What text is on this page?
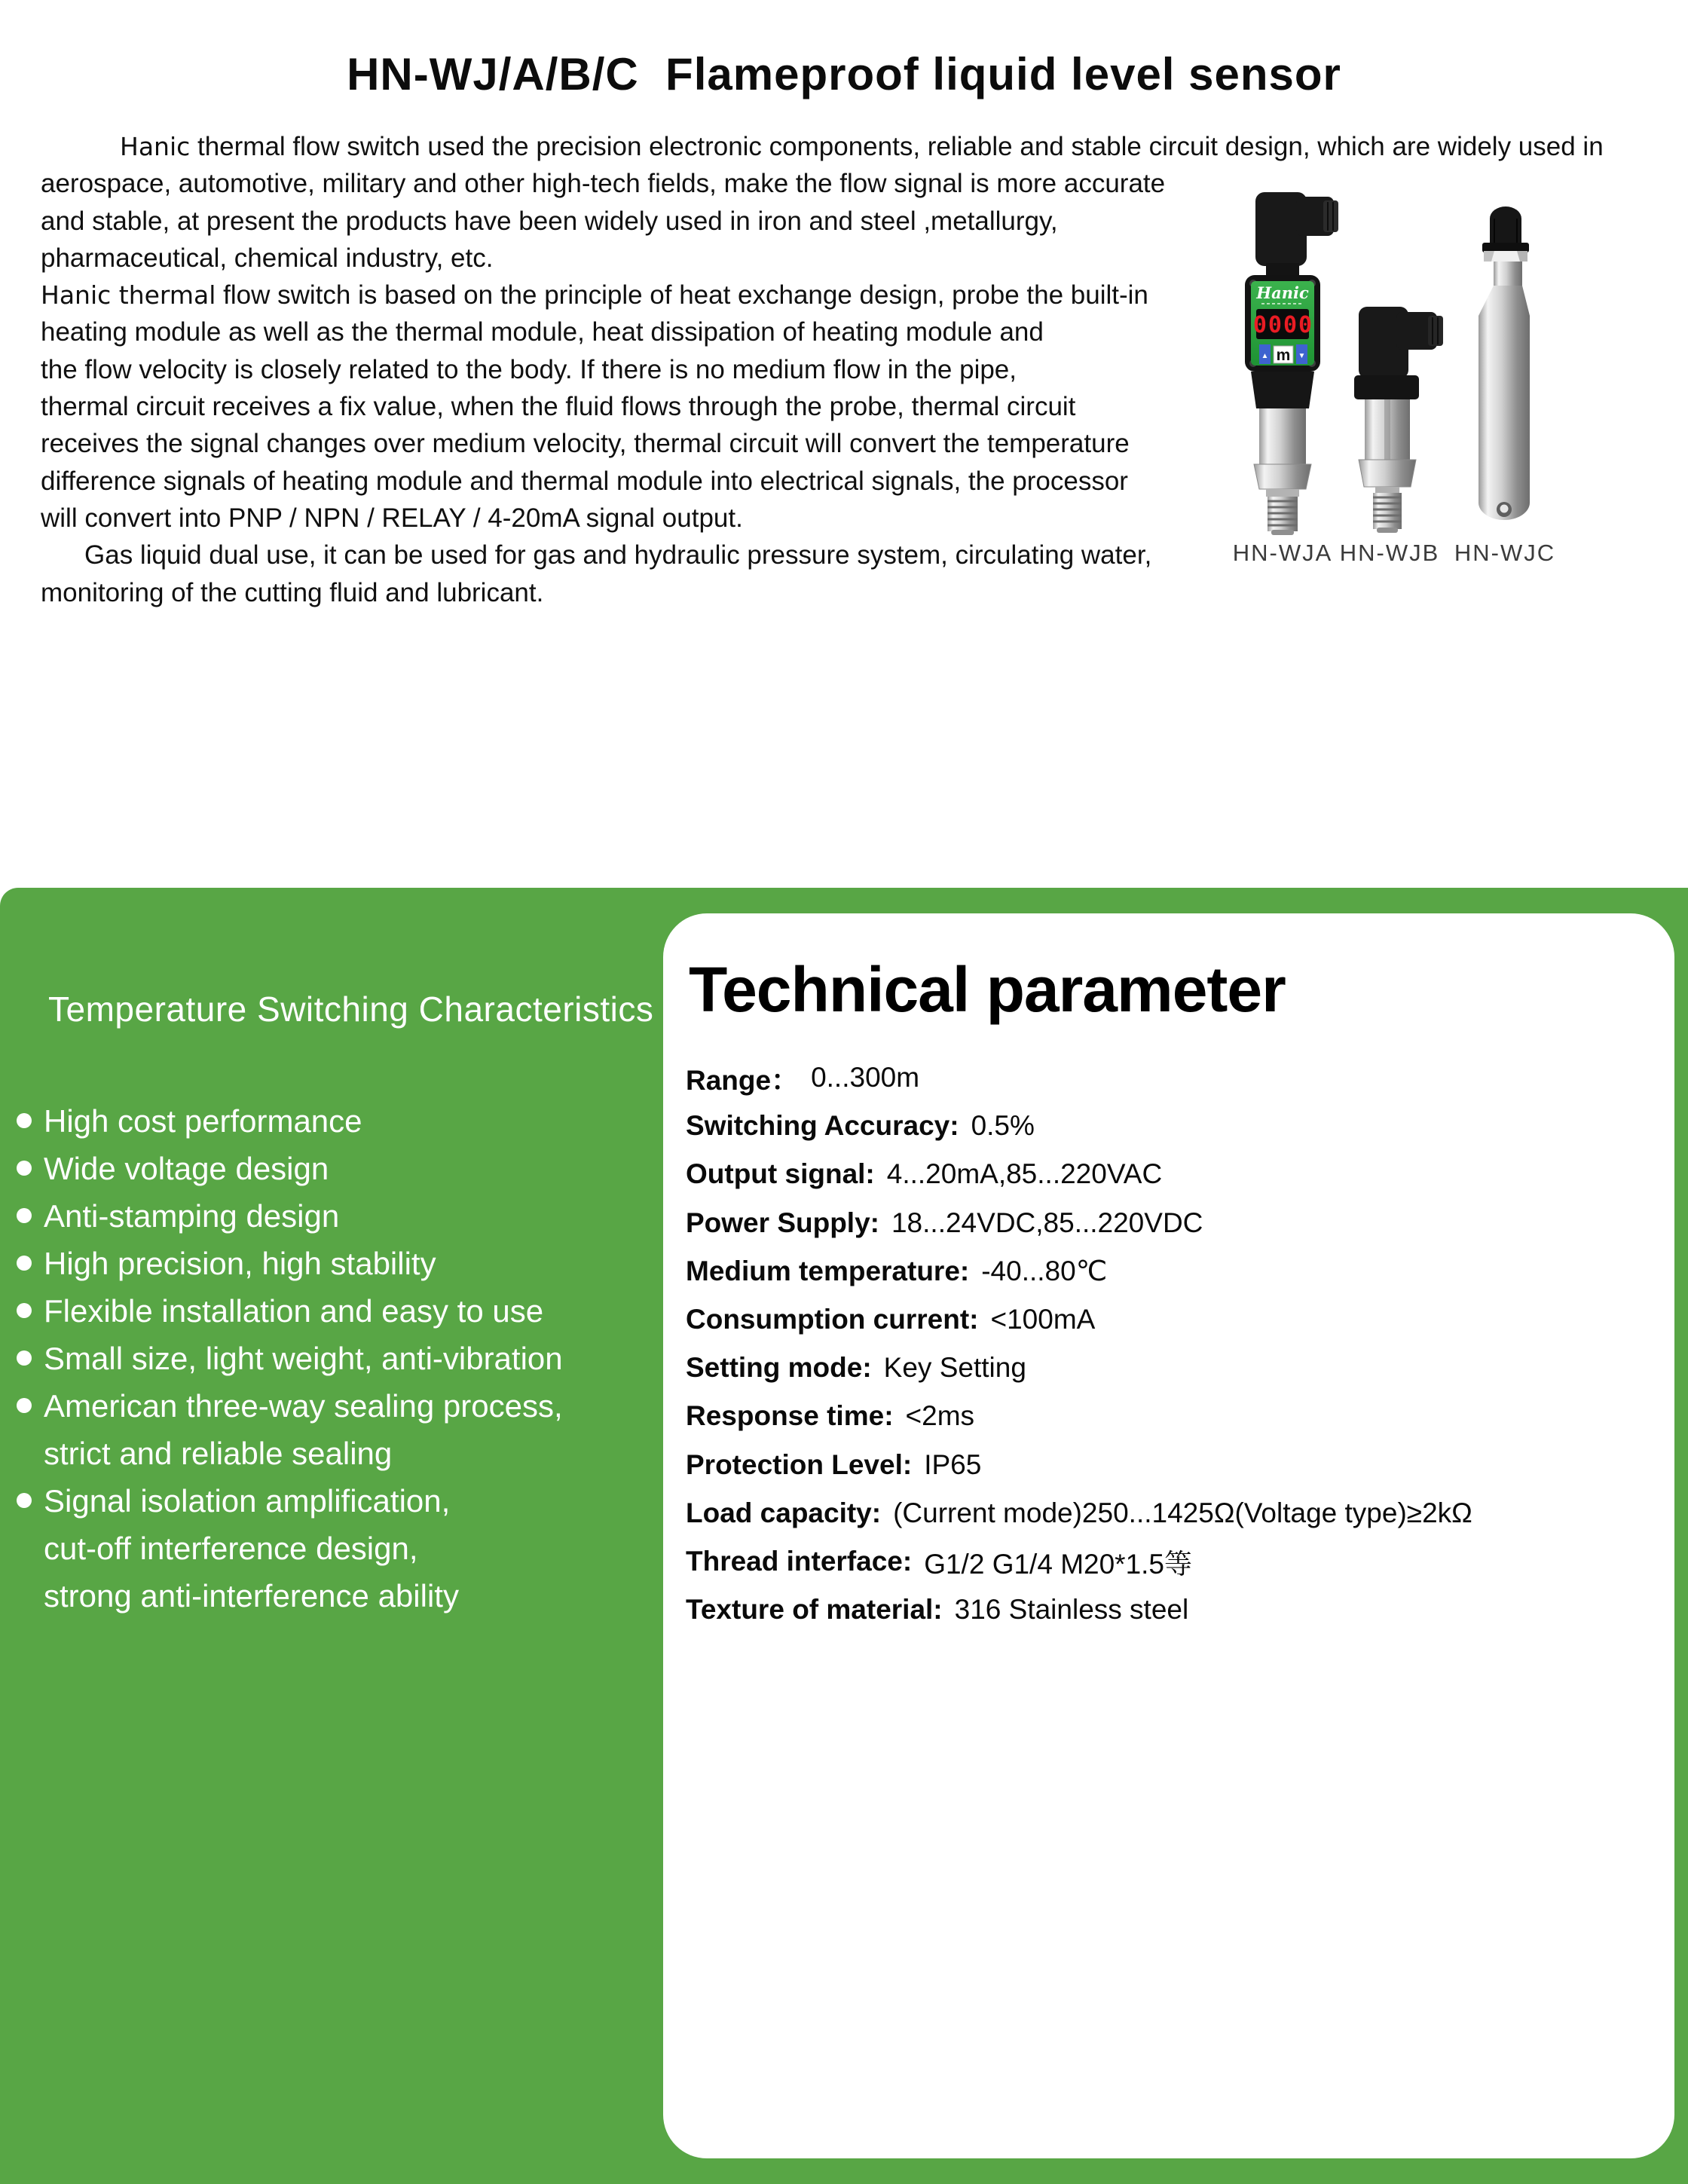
HN-WJ/A/B/C  Flameproof liquid level sensor
Hanic thermal flow switch used the precision electronic components, reliable and stable circuit design, which are widely used in
aerospace, automotive, military and other high-tech fields, make the flow signal is more accurate
and stable, at present the products have been widely used in iron and steel ,metallurgy,
pharmaceutical, chemical industry, etc.
Hanic thermal flow switch is based on the principle of heat exchange design, probe the built-in
heating module as well as the thermal module, heat dissipation of heating module and
the flow velocity is closely related to the body. If there is no medium flow in the pipe,
thermal circuit receives a fix value, when the fluid flows through the probe, thermal circuit
receives the signal changes over medium velocity, thermal circuit will convert the temperature
difference signals of heating module and thermal module into electrical signals, the processor
will convert into PNP / NPN / RELAY / 4-20mA signal output.
Gas liquid dual use, it can be used for gas and hydraulic pressure system, circulating water,
monitoring of the cutting fluid and lubricant.
Hanic
0000
▲ m ▼
HN-WJA HN-WJB HN-WJC
Temperature Switching Characteristics
High cost performance
Wide voltage design
Anti-stamping design
High precision, high stability
Flexible installation and easy to use
Small size, light weight, anti-vibration
American three-way sealing process,
strict and reliable sealing
Signal isolation amplification,
cut-off interference design,
strong anti-interference ability
Technical parameter
Range： 0...300m
Switching Accuracy: 0.5%
Output signal: 4...20mA,85...220VAC
Power Supply: 18...24VDC,85...220VDC
Medium temperature: -40...80℃
Consumption current: <100mA
Setting mode: Key Setting
Response time: <2ms
Protection Level: IP65
Load capacity: (Current mode)250...1425Ω(Voltage type)≥2kΩ
Thread interface: G1/2 G1/4 M20*1.5等
Texture of material: 316 Stainless steel
